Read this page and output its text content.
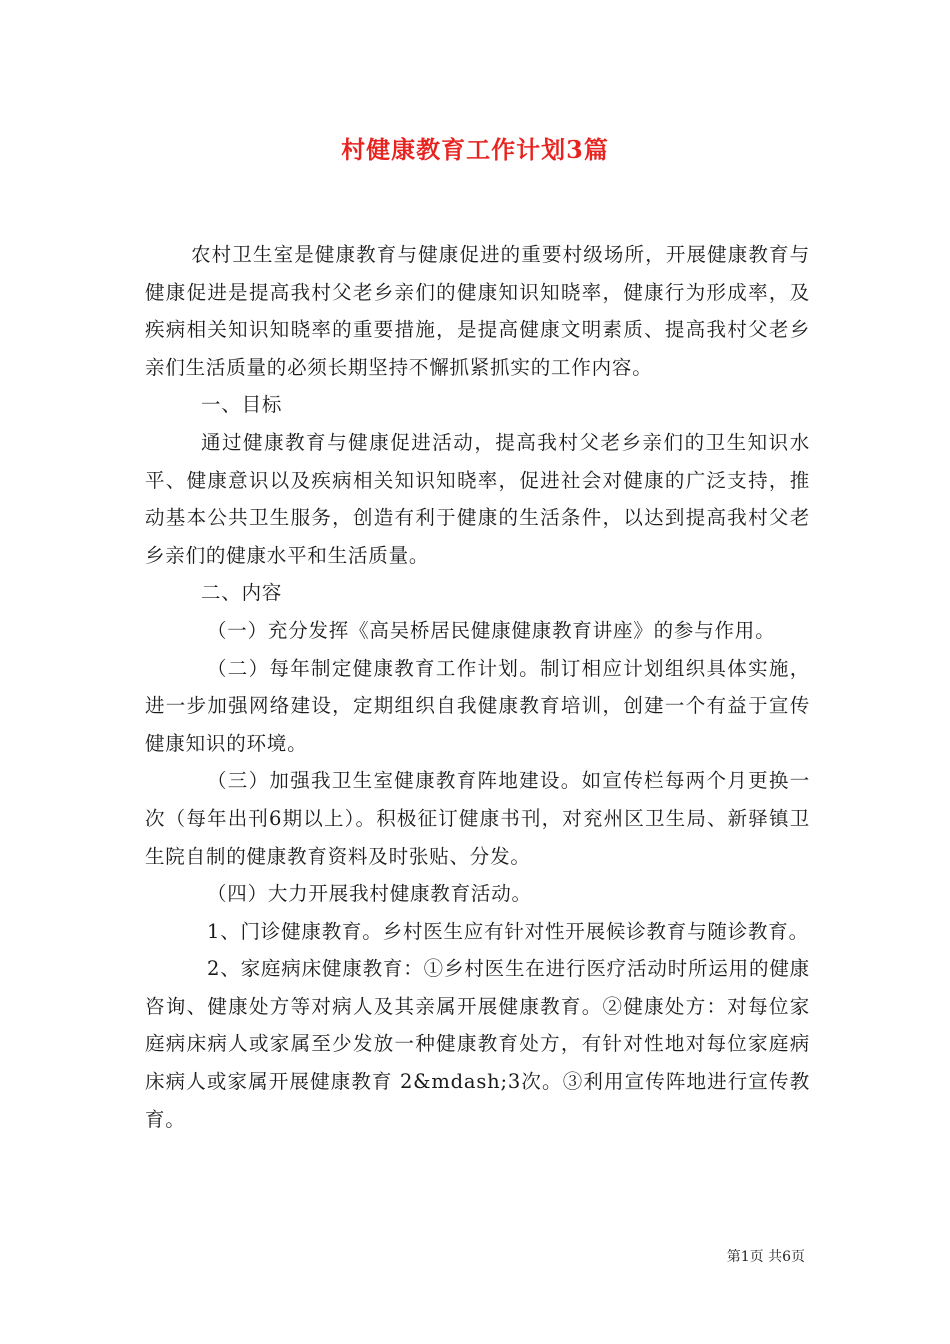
村健康教育工作计划3篇

农村卫生室是健康教育与健康促进的重要村级场所，开展健康教育与健康促进是提高我村父老乡亲们的健康知识知晓率，健康行为形成率，及疾病相关知识知晓率的重要措施，是提高健康文明素质、提高我村父老乡亲们生活质量的必须长期坚持不懈抓紧抓实的工作内容。

一、目标

通过健康教育与健康促进活动，提高我村父老乡亲们的卫生知识水平、健康意识以及疾病相关知识知晓率，促进社会对健康的广泛支持，推动基本公共卫生服务，创造有利于健康的生活条件，以达到提高我村父老乡亲们的健康水平和生活质量。

二、内容

（一）充分发挥《高吴桥居民健康健康教育讲座》的参与作用。

（二）每年制定健康教育工作计划。制订相应计划组织具体实施，进一步加强网络建设，定期组织自我健康教育培训，创建一个有益于宣传健康知识的环境。

（三）加强我卫生室健康教育阵地建设。如宣传栏每两个月更换一次（每年出刊6期以上）。积极征订健康书刊，对兖州区卫生局、新驿镇卫生院自制的健康教育资料及时张贴、分发。

（四）大力开展我村健康教育活动。

1、门诊健康教育。乡村医生应有针对性开展候诊教育与随诊教育。

2、家庭病床健康教育：①乡村医生在进行医疗活动时所运用的健康咨询、健康处方等对病人及其亲属开展健康教育。②健康处方：对每位家庭病床病人或家属至少发放一种健康教育处方，有针对性地对每位家庭病床病人或家属开展健康教育 2&mdash;3次。③利用宣传阵地进行宣传教育。

第1页 共6页
